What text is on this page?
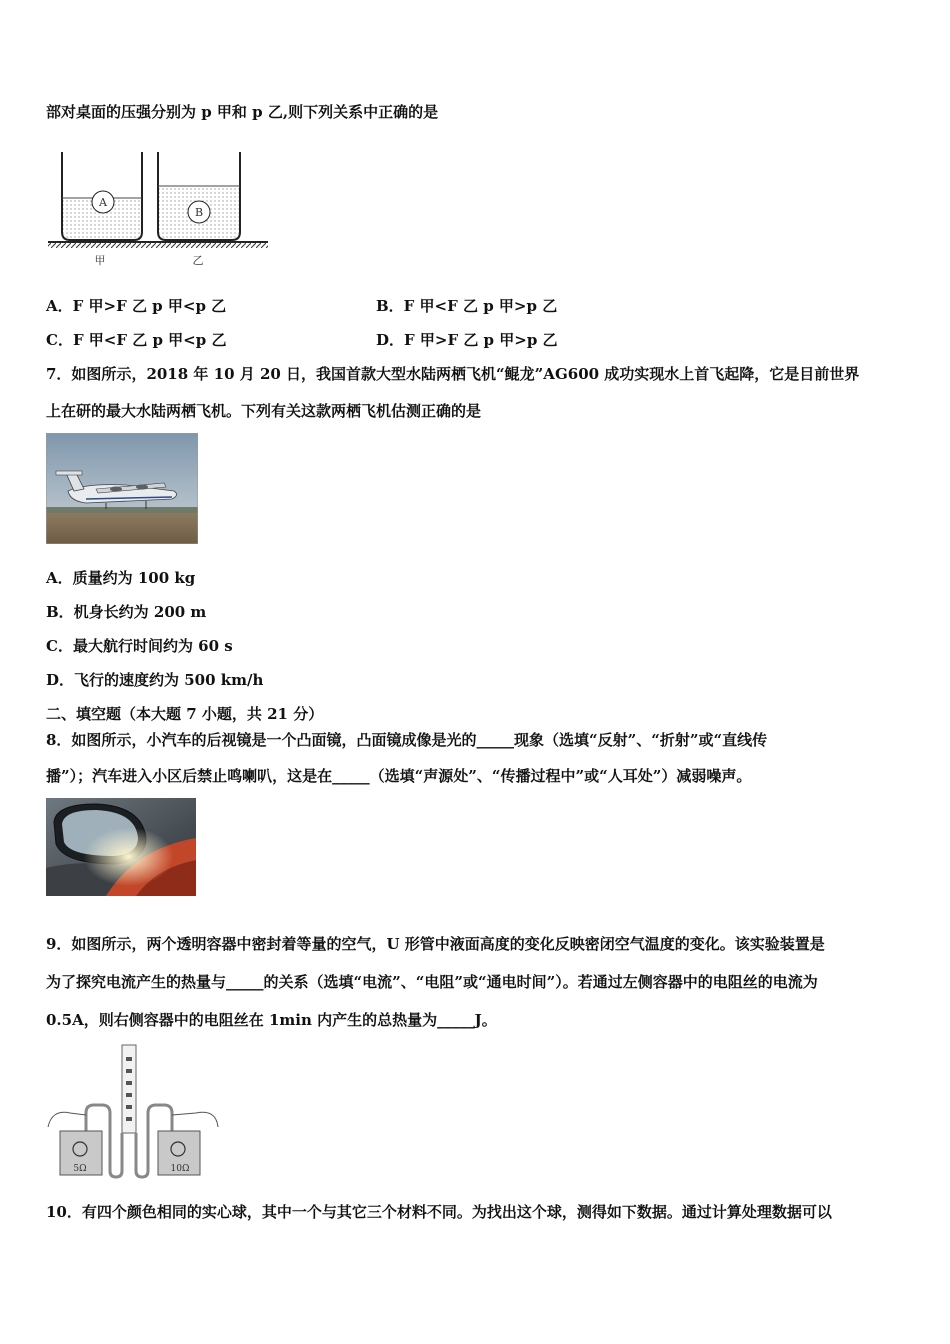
部对桌面的压强分别为 p 甲和 p 乙,则下列关系中正确的是
A
B
甲	乙
A．F 甲>F 乙 p 甲<p 乙	B．F 甲<F 乙 p 甲>p 乙
C．F 甲<F 乙 p 甲<p 乙	D．F 甲>F 乙 p 甲>p 乙
7．如图所示，2018 年 10 月 20 日，我国首款大型水陆两栖飞机“鲲龙”AG600 成功实现水上首飞起降，它是目前世界
上在研的最大水陆两栖飞机。下列有关这款两栖飞机估测正确的是
A．质量约为 100 kg
B．机身长约为 200 m
C．最大航行时间约为 60 s
D．飞行的速度约为 500 km/h
二、填空题（本大题 7 小题，共 21 分）
8．如图所示，小汽车的后视镜是一个凸面镜，凸面镜成像是光的_____现象（选填“反射”、“折射”或“直线传
播”）；汽车进入小区后禁止鸣喇叭，这是在_____（选填“声源处”、“传播过程中”或“人耳处”）减弱噪声。
9．如图所示，两个透明容器中密封着等量的空气，U 形管中液面高度的变化反映密闭空气温度的变化。该实验装置是
为了探究电流产生的热量与_____的关系（选填“电流”、“电阻”或“通电时间”）。若通过左侧容器中的电阻丝的电流为
0.5A，则右侧容器中的电阻丝在 1min 内产生的总热量为_____J。
5Ω	10Ω
10．有四个颜色相同的实心球，其中一个与其它三个材料不同。为找出这个球，测得如下数据。通过计算处理数据可以
